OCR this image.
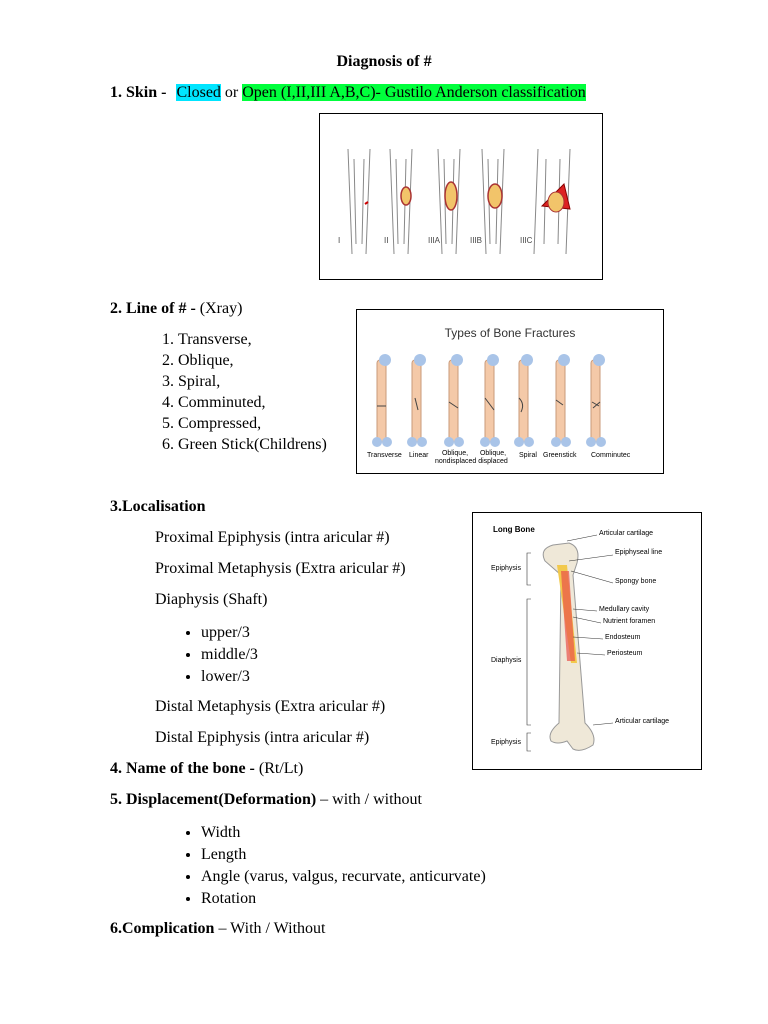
Diagnosis of #
1. Skin - Closed or Open (I,II,III A,B,C)- Gustilo Anderson classification
I	II	IIIA	IIIB	IIIC
2. Line of # - (Xray)
1. Transverse,
2. Oblique,
3. Spiral,
4. Comminuted,
5. Compressed,
6. Green Stick(Childrens)
Types of Bone Fractures
Transverse Linear	Oblique, nondisplaced
Oblique, displaced
Spiral Greenstick Comminutec
3.Localisation
Proximal Epiphysis (intra aricular #)
Proximal Metaphysis (Extra aricular #)
Diaphysis (Shaft)
• upper/3
• middle/3
• lower/3
Distal Metaphysis (Extra aricular #)
Distal Epiphysis (intra aricular #)
Long Bone
Epiphysis
Diaphysis
Epiphysis
Articular cartilage
Epiphyseal line
Spongy bone
Medullary cavity
Nutrient foramen
Endosteum
Periosteum
Articular cartilage
4. Name of the bone - (Rt/Lt)
5. Displacement(Deformation) – with / without
• Width
• Length
• Angle (varus, valgus, recurvate, anticurvate)
• Rotation
6.Complication – With / Without
